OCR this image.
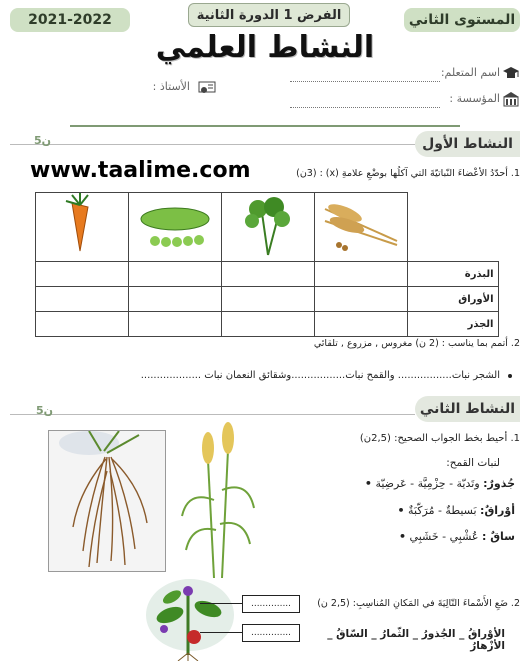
2021-2022	الفرض 1 الدورة الثانية	المستوى الثاني
النشاط العلمي
اسم المتعلم:
المؤسسة :
الأستاذ :
5ن	النشاط الأول
www.taalime.com	1. أحدّدُ الأعْضاءَ النّباتيّةَ التي آكلُها بوضْعِ علامةِ (x) : (3ن)

				البذرة
				الأوراق
				الجذر
2. أتمم بما يناسب : (2 ن) مغروس , مزروع , تلقائي
الشجر نبات................. والقمح نبات.................وشقائق النعمان نبات ...................
5ن	النشاط الثاني
1. أحيط بخط الجواب الصحيح: (2,5ن)
لنبات القمح:
جُذورٌ: وتَديّة - حِزْمِيَّة - عَرضِيّة •
أوْراقٌ: بَسيطةٌ - مُرَكّبَةٌ •
ساقٌ : عُشْبِي - خَشَبِي •
..............
..............
2. ضَعِ الأَسْماءَ التّالِيَةَ في المَكانِ المُناسِبِ: (2,5 ن)
الأوْراقُ _ الجُذورُ _ الثّمارُ _ السّاقُ _ الأزْهارُ
